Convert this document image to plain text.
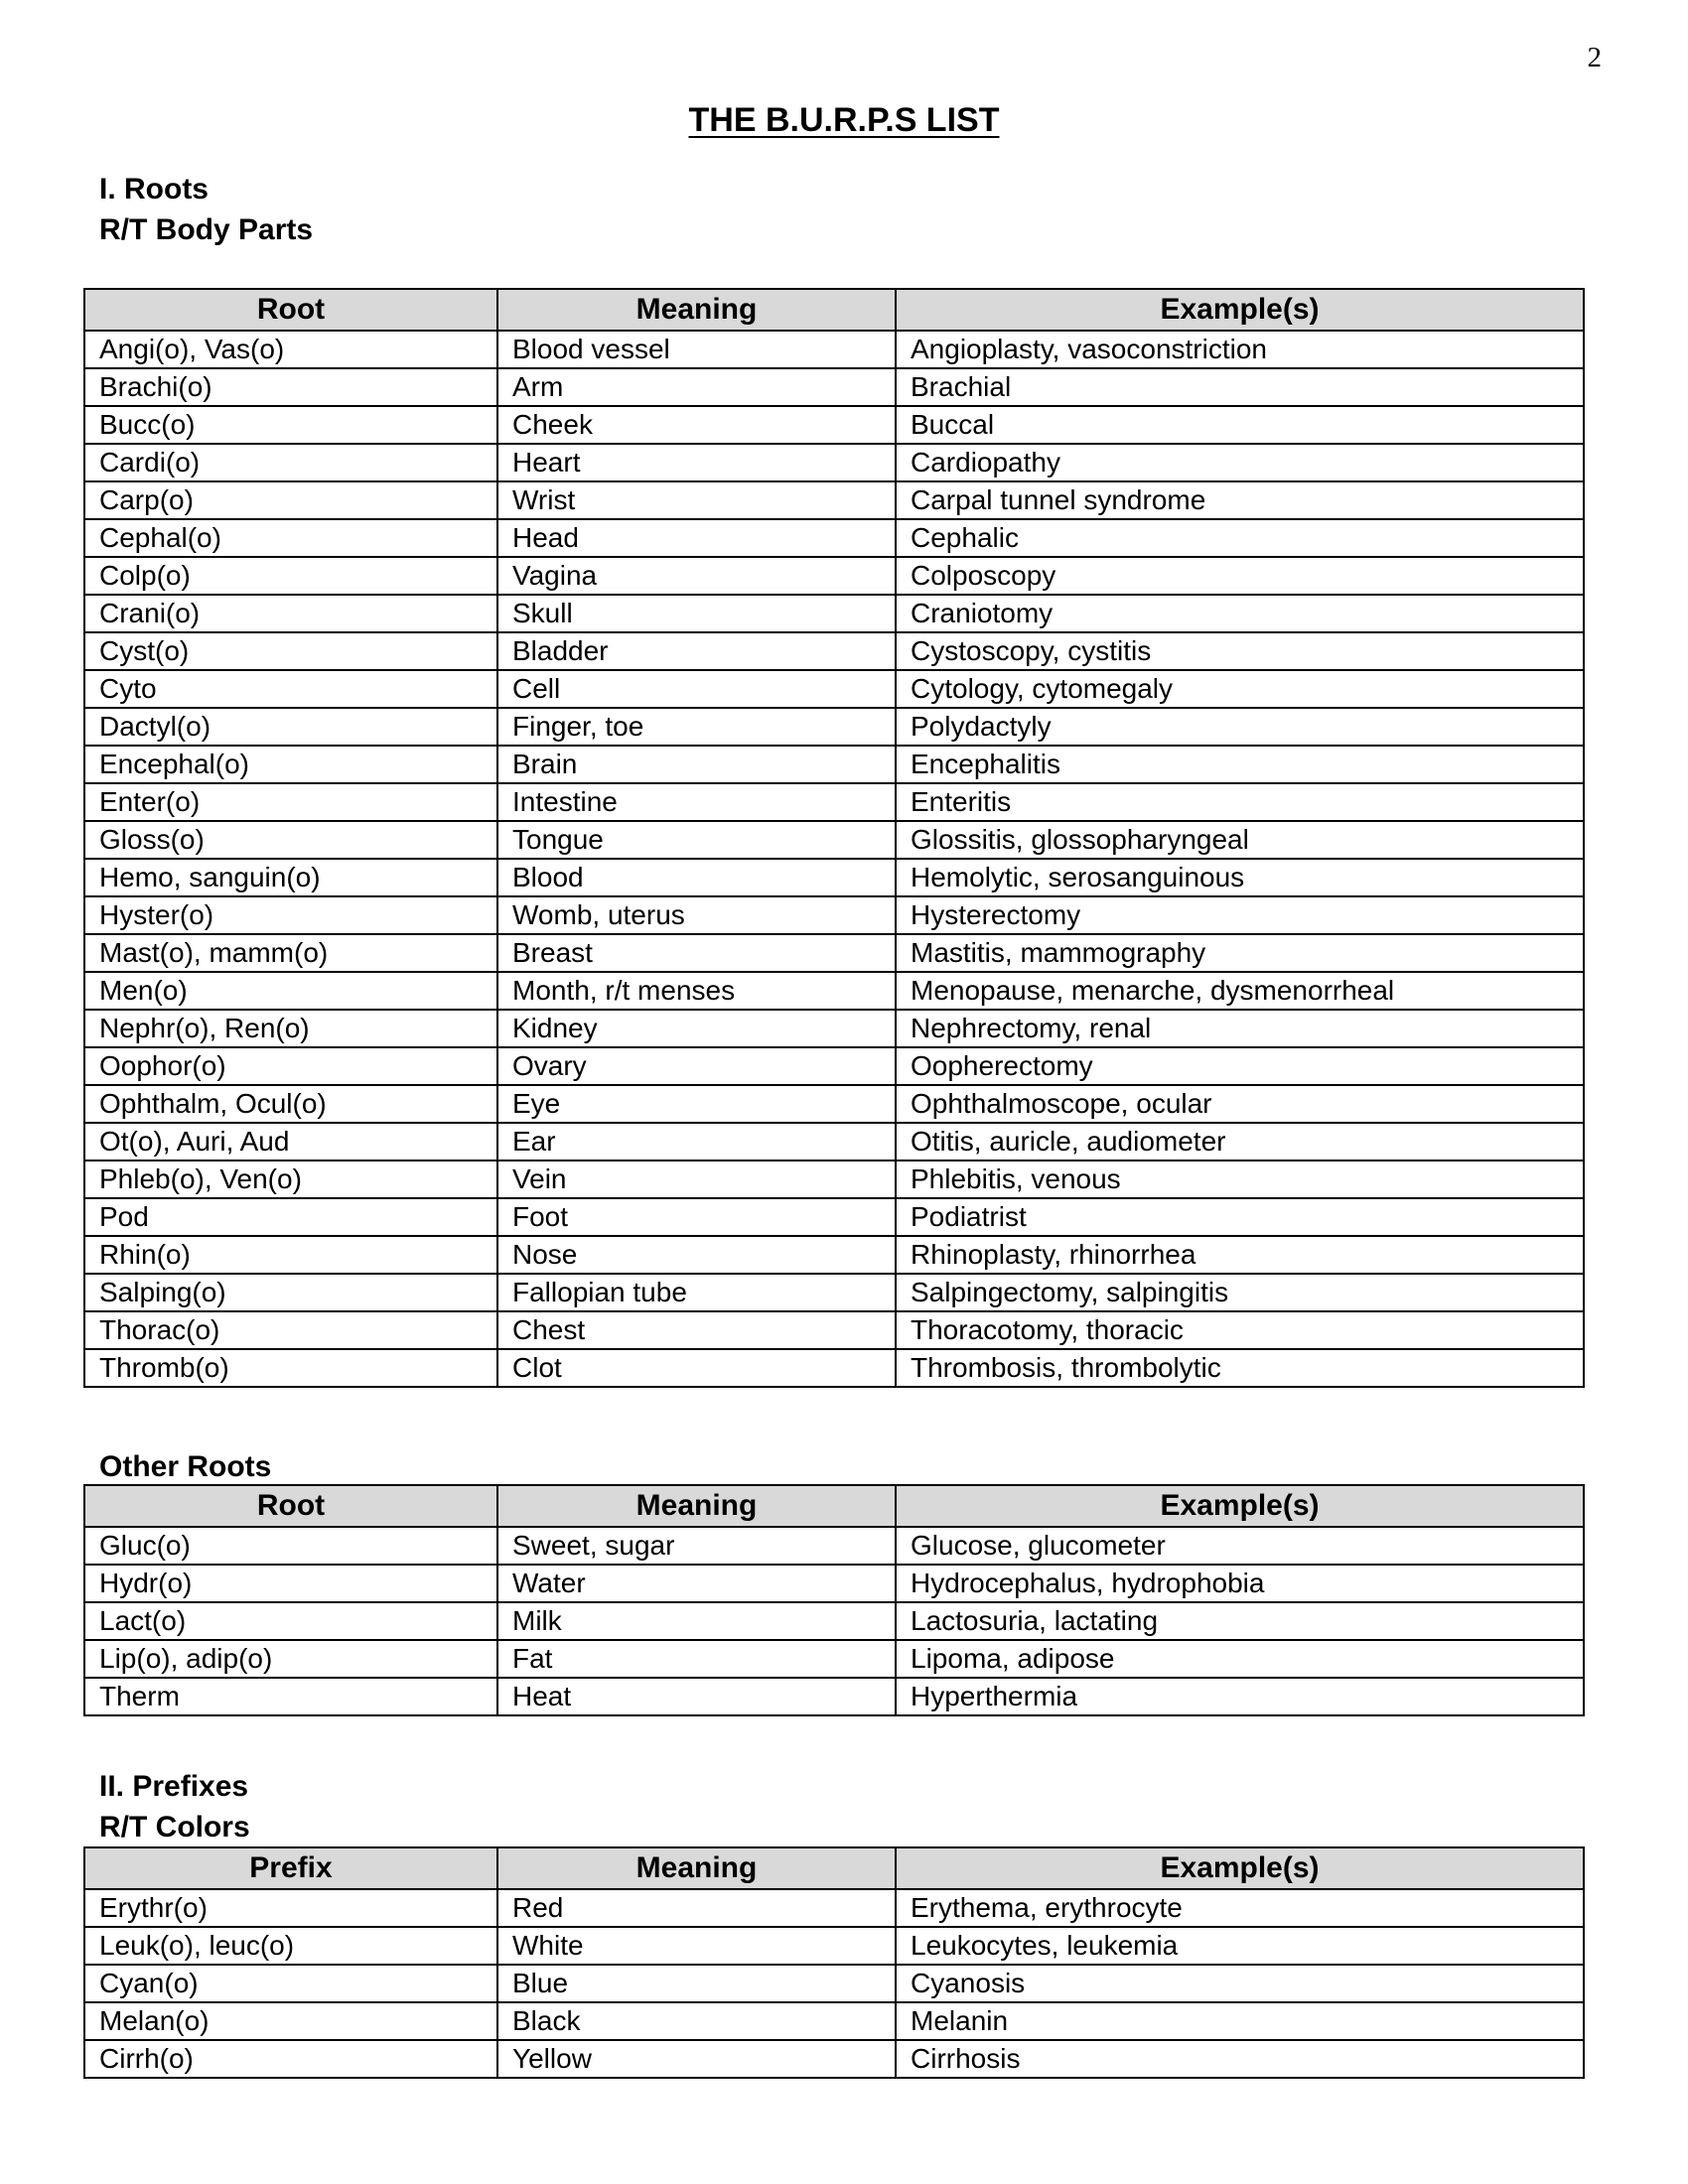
2
THE B.U.R.P.S LIST
I. Roots
R/T Body Parts
Root	Meaning	Example(s)
Angi(o), Vas(o)	Blood vessel	Angioplasty, vasoconstriction
Brachi(o)	Arm	Brachial
Bucc(o)	Cheek	Buccal
Cardi(o)	Heart	Cardiopathy
Carp(o)	Wrist	Carpal tunnel syndrome
Cephal(o)	Head	Cephalic
Colp(o)	Vagina	Colposcopy
Crani(o)	Skull	Craniotomy
Cyst(o)	Bladder	Cystoscopy, cystitis
Cyto	Cell	Cytology, cytomegaly
Dactyl(o)	Finger, toe	Polydactyly
Encephal(o)	Brain	Encephalitis
Enter(o)	Intestine	Enteritis
Gloss(o)	Tongue	Glossitis, glossopharyngeal
Hemo, sanguin(o)	Blood	Hemolytic, serosanguinous
Hyster(o)	Womb, uterus	Hysterectomy
Mast(o), mamm(o)	Breast	Mastitis, mammography
Men(o)	Month, r/t menses	Menopause, menarche, dysmenorrheal
Nephr(o), Ren(o)	Kidney	Nephrectomy, renal
Oophor(o)	Ovary	Oopherectomy
Ophthalm, Ocul(o)	Eye	Ophthalmoscope, ocular
Ot(o), Auri, Aud	Ear	Otitis, auricle, audiometer
Phleb(o), Ven(o)	Vein	Phlebitis, venous
Pod	Foot	Podiatrist
Rhin(o)	Nose	Rhinoplasty, rhinorrhea
Salping(o)	Fallopian tube	Salpingectomy, salpingitis
Thorac(o)	Chest	Thoracotomy, thoracic
Thromb(o)	Clot	Thrombosis, thrombolytic
Other Roots
Root	Meaning	Example(s)
Gluc(o)	Sweet, sugar	Glucose, glucometer
Hydr(o)	Water	Hydrocephalus, hydrophobia
Lact(o)	Milk	Lactosuria, lactating
Lip(o), adip(o)	Fat	Lipoma, adipose
Therm	Heat	Hyperthermia
II. Prefixes
R/T Colors
Prefix	Meaning	Example(s)
Erythr(o)	Red	Erythema, erythrocyte
Leuk(o), leuc(o)	White	Leukocytes, leukemia
Cyan(o)	Blue	Cyanosis
Melan(o)	Black	Melanin
Cirrh(o)	Yellow	Cirrhosis
